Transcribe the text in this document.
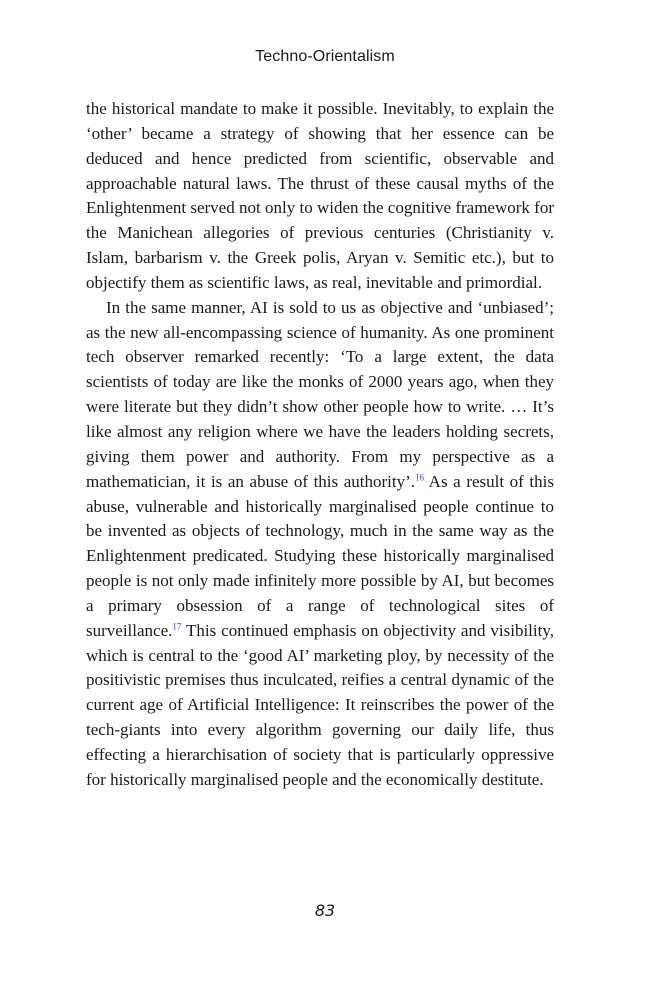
Techno-Orientalism

the historical mandate to make it possible. Inevitably, to explain the ‘other’ became a strategy of showing that her essence can be deduced and hence predicted from scientific, observable and approachable natural laws. The thrust of these causal myths of the Enlightenment served not only to widen the cognitive framework for the Manichean allegories of previous centuries (Christianity v. Islam, barbarism v. the Greek polis, Aryan v. Semitic etc.), but to objectify them as scientific laws, as real, inevitable and primordial.

In the same manner, AI is sold to us as objective and ‘unbiased’; as the new all-encompassing science of humanity. As one prominent tech observer remarked recently: ‘To a large extent, the data scientists of today are like the monks of 2000 years ago, when they were literate but they didn’t show other people how to write. … It’s like almost any religion where we have the leaders holding secrets, giving them power and authority. From my perspective as a mathematician, it is an abuse of this authority’.$^{16}$ As a result of this abuse, vulnerable and historically marginalised people continue to be invented as objects of technology, much in the same way as the Enlightenment predicated. Studying these historically marginalised people is not only made infinitely more possible by AI, but becomes a primary obsession of a range of technological sites of surveillance.$^{17}$ This continued emphasis on objectivity and visibility, which is central to the ‘good AI’ marketing ploy, by necessity of the positivistic premises thus inculcated, reifies a central dynamic of the current age of Artificial Intelligence: It reinscribes the power of the tech-giants into every algorithm governing our daily life, thus effecting a hierarchisation of society that is particularly oppressive for historically marginalised people and the economically destitute.

83
